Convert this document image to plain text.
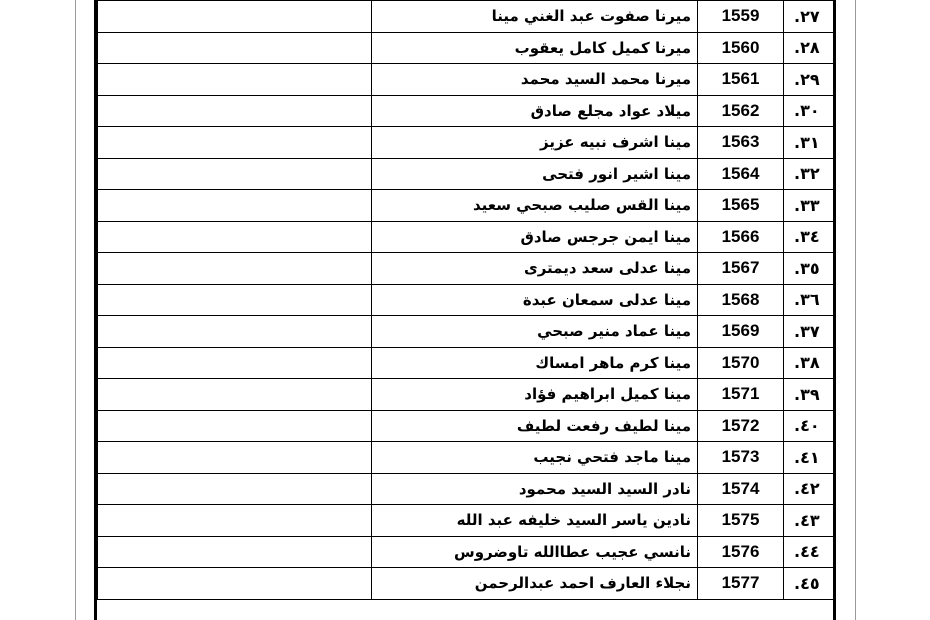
	ميرنا صفوت عبد الغني مينا	1559	.٢٧
	ميرنا كميل كامل يعقوب	1560	.٢٨
	ميرنا محمد السيد محمد	1561	.٢٩
	ميلاد عواد مجلع صادق	1562	.٣٠
	مينا اشرف نبيه عزيز	1563	.٣١
	مينا اشير انور فتحى	1564	.٣٢
	مينا القس صليب صبحي سعيد	1565	.٣٣
	مينا ايمن جرجس صادق	1566	.٣٤
	مينا عدلى سعد ديمترى	1567	.٣٥
	مينا عدلى سمعان عبدة	1568	.٣٦
	مينا عماد منير صبحي	1569	.٣٧
	مينا كرم ماهر امساك	1570	.٣٨
	مينا كميل ابراهيم فؤاد	1571	.٣٩
	مينا لطيف رفعت لطيف	1572	.٤٠
	مينا ماجد فتحي نجيب	1573	.٤١
	نادر السيد السيد محمود	1574	.٤٢
	نادين ياسر السيد خليفه عبد الله	1575	.٤٣
	نانسي عجيب عطاالله تاوضروس	1576	.٤٤
	نجلاء العارف احمد عبدالرحمن	1577	.٤٥
